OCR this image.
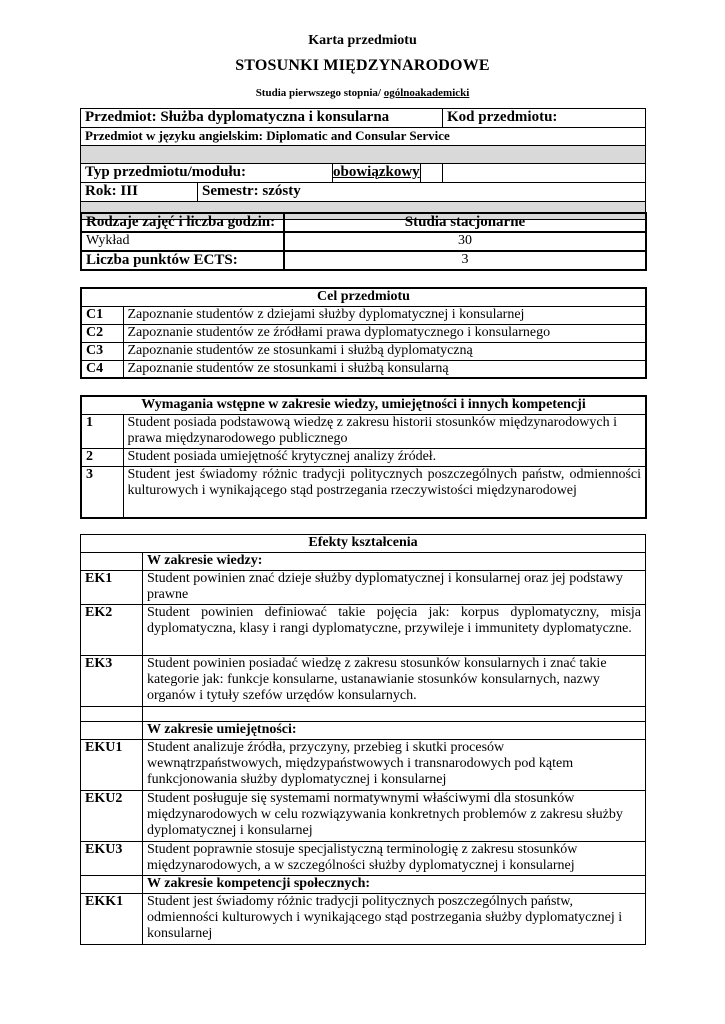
Karta przedmiotu
STOSUNKI MIĘDZYNARODOWE
Studia pierwszego stopnia/ ogólnoakademicki
Przedmiot: Służba dyplomatyczna i konsularna				Kod przedmiotu:
Przedmiot w języku angielskim: Diplomatic and Consular Service				

Typ przedmiotu/modułu:		obowiązkowy		
Rok: III	Semestr: szósty			

Rodzaje zajęć i liczba godzin:	Studia stacjonarne
Wykład	30
Liczba punktów ECTS:	3
Cel przedmiotu	
C1	Zapoznanie studentów z dziejami służby dyplomatycznej i konsularnej
C2	Zapoznanie studentów ze źródłami prawa dyplomatycznego i konsularnego
C3	Zapoznanie studentów ze stosunkami i służbą dyplomatyczną
C4	Zapoznanie studentów ze stosunkami i służbą konsularną
Wymagania wstępne w zakresie wiedzy, umiejętności i innych kompetencji	
1	Student posiada podstawową wiedzę z zakresu historii stosunków międzynarodowych i prawa międzynarodowego publicznego
2	Student posiada umiejętność krytycznej analizy źródeł.
3	Student jest świadomy różnic tradycji politycznych poszczególnych państw, odmienności kulturowych i wynikającego stąd postrzegania rzeczywistości międzynarodowej
Efekty kształcenia	
	W zakresie wiedzy:
EK1	Student powinien znać dzieje służby dyplomatycznej i konsularnej oraz jej podstawy prawne
EK2	Student powinien definiować takie pojęcia jak: korpus dyplomatyczny, misja dyplomatyczna, klasy i rangi dyplomatyczne, przywileje i immunitety dyplomatyczne.
EK3	Student powinien posiadać wiedzę z zakresu stosunków konsularnych i znać takie kategorie jak: funkcje konsularne, ustanawianie stosunków konsularnych, nazwy organów i tytuły szefów urzędów konsularnych.

	W zakresie umiejętności:
EKU1	Student analizuje źródła, przyczyny, przebieg i skutki procesów wewnątrzpaństwowych, międzypaństwowych i transnarodowych pod kątem funkcjonowania służby dyplomatycznej i konsularnej
EKU2	Student posługuje się systemami normatywnymi właściwymi dla stosunków międzynarodowych w celu rozwiązywania konkretnych problemów z zakresu służby dyplomatycznej i konsularnej
EKU3	Student poprawnie stosuje specjalistyczną terminologię z zakresu stosunków międzynarodowych, a w szczególności służby dyplomatycznej i konsularnej
	W zakresie kompetencji społecznych:
EKK1	Student jest świadomy różnic tradycji politycznych poszczególnych państw, odmienności kulturowych i wynikającego stąd postrzegania służby dyplomatycznej i konsularnej
